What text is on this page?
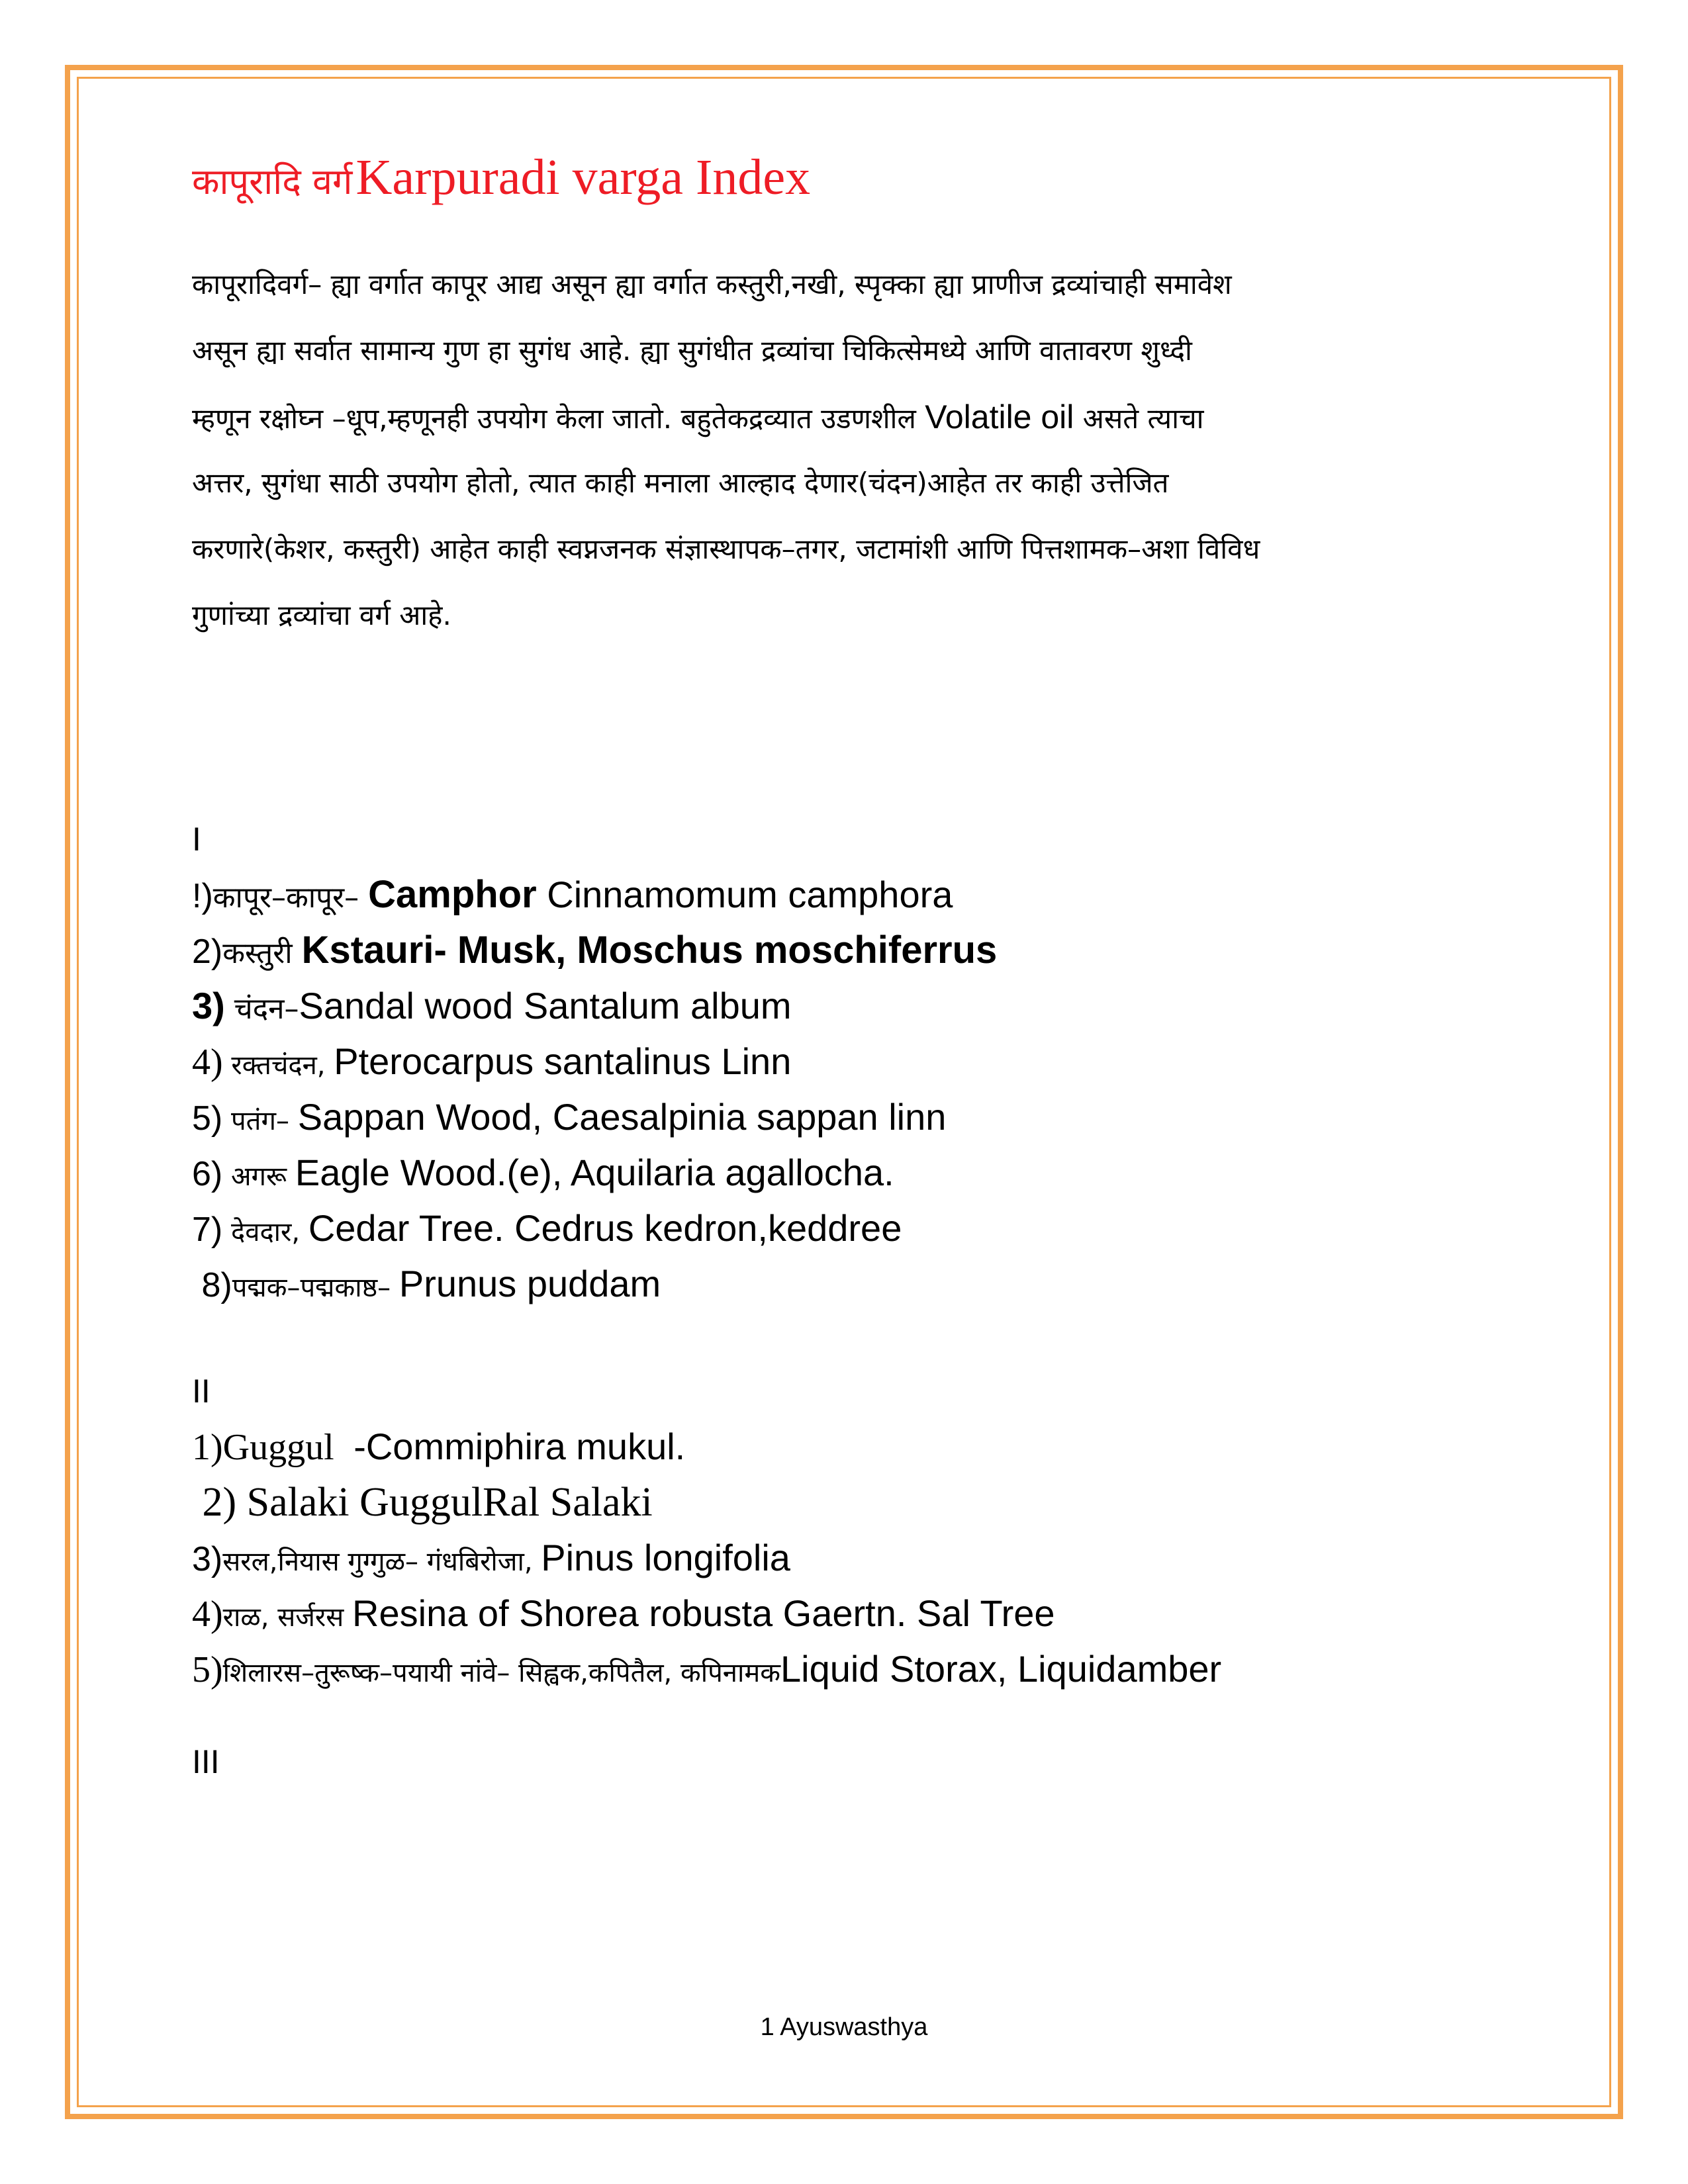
कापूरादि वर्ग Karpuradi varga Index
कापूरादिवर्ग– ह्या वर्गात कापूर आद्य असून ह्या वर्गात कस्तुरी,नखी, स्पृक्का ह्या प्राणीज द्रव्यांचाही समावेश
असून ह्या सर्वात सामान्य गुण हा सुगंध आहे. ह्या सुगंधीत द्रव्यांचा चिकित्सेमध्ये आणि वातावरण शुध्दी
म्हणून रक्षोघ्न –धूप,म्हणूनही उपयोग केला जातो. बहुतेकद्रव्यात उडणशील Volatile oil असते त्याचा
अत्तर, सुगंधा साठी उपयोग होतो, त्यात काही मनाला आल्हाद देणार(चंदन)आहेत तर काही उत्तेजित
करणारे(केशर, कस्तुरी) आहेत काही स्वप्नजनक संज्ञास्थापक–तगर, जटामांशी आणि पित्तशामक–अशा विविध
गुणांच्या द्रव्यांचा वर्ग आहे.
I
!)कापूर–कापूर– Camphor Cinnamomum camphora
2)कस्तुरी Kstauri- Musk, Moschus moschiferrus
3) चंदन–Sandal wood Santalum album
4) रक्तचंदन, Pterocarpus santalinus Linn
5) पतंग– Sappan Wood, Caesalpinia sappan linn
6) अगरू Eagle Wood.(e), Aquilaria agallocha.
7) देवदार, Cedar Tree. Cedrus kedron,keddree
8)पद्मक–पद्मकाष्ठ– Prunus puddam
II
1)Guggul  -Commiphira mukul.
2) Salaki GuggulRal Salaki
3)सरल,नियास गुग्गुळ– गंधबिरोजा, Pinus longifolia
4)राळ, सर्जरस Resina of Shorea robusta Gaertn. Sal Tree
5)शिलारस–तुरूष्क–पयायी नांवे– सिह्वक,कपितैल, कपिनामकLiquid Storax, Liquidamber
III
1 Ayuswasthya
